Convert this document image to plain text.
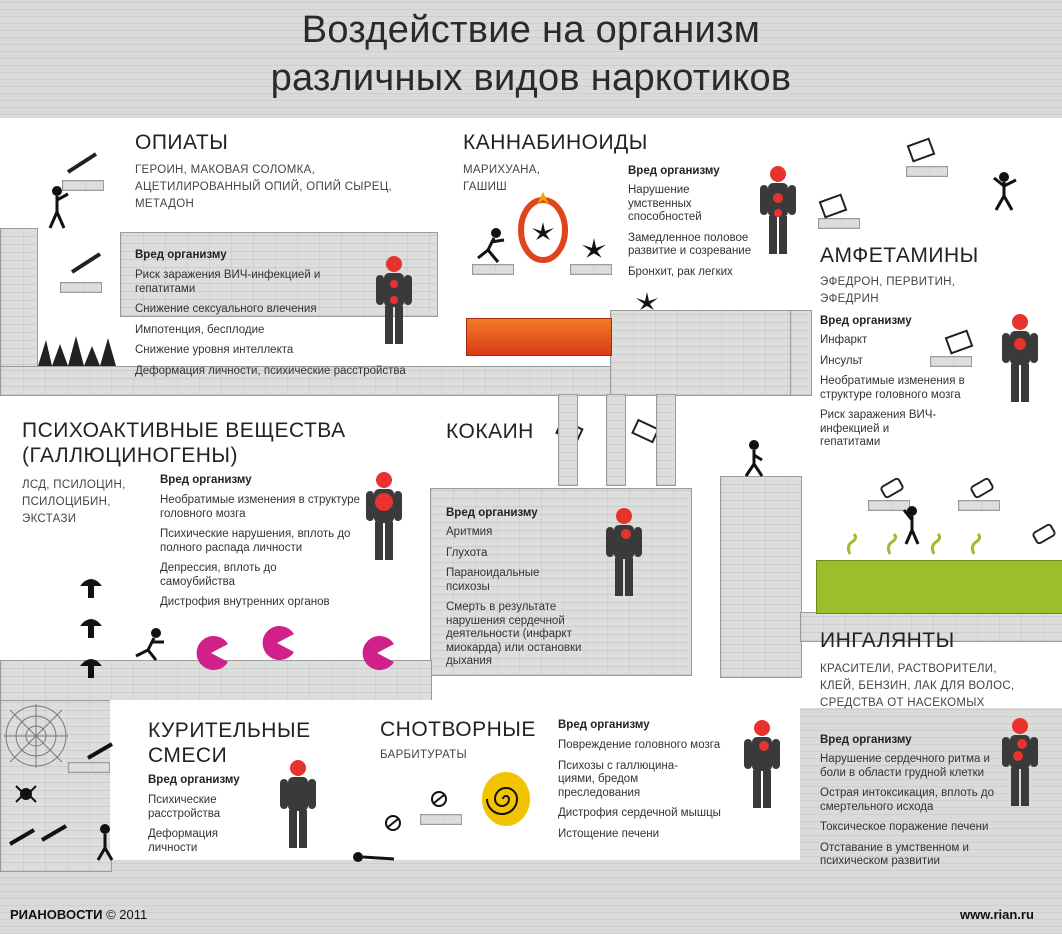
Воздействие на организм
различных видов наркотиков
ОПИАТЫ
ГЕРОИН, МАКОВАЯ СОЛОМКА, АЦЕТИЛИРОВАННЫЙ ОПИЙ, ОПИЙ СЫРЕЦ, МЕТАДОН
Вред организму
Риск заражения ВИЧ-инфекцией и гепатитами
Снижение сексуального влечения
Импотенция, бесплодие
Снижение уровня интеллекта
Деформация личности, психические расстройства
КАННАБИНОИДЫ
МАРИХУАНА, ГАШИШ
Вред организму
Нарушение умственных способностей
Замедленное половое развитие и созревание
Бронхит, рак легких
АМФЕТАМИНЫ
ЭФЕДРОН, ПЕРВИТИН, ЭФЕДРИН
Вред организму
Инфаркт
Инсульт
Необратимые изменения в структуре головного мозга
Риск заражения ВИЧ- инфекцией и гепатитами
ПСИХОАКТИВНЫЕ ВЕЩЕСТВА (ГАЛЛЮЦИНОГЕНЫ)
ЛСД, ПСИЛОЦИН, ПСИЛОЦИБИН, ЭКСТАЗИ
Вред организму
Необратимые изменения в структуре головного мозга
Психические нарушения, вплоть до полного распада личности
Депрессия, вплоть до самоубийства
Дистрофия внутренних органов
КОКАИН
Вред организму
Аритмия
Глухота
Параноидальные психозы
Смерть в результате нарушения сердечной деятельности (инфаркт миокарда) или остановки дыхания
ИНГАЛЯНТЫ
КРАСИТЕЛИ, РАСТВОРИТЕЛИ, КЛЕЙ, БЕНЗИН, ЛАК ДЛЯ ВОЛОС, СРЕДСТВА ОТ НАСЕКОМЫХ
Вред организму
Нарушение сердечного ритма и боли в области грудной клетки
Острая интоксикация, вплоть до смертельного исхода
Токсическое поражение печени
Отставание в умственном и психическом развитии
КУРИТЕЛЬНЫЕ СМЕСИ
Вред организму
Психические расстройства
Деформация личности
СНОТВОРНЫЕ
БАРБИТУРАТЫ
Вред организму
Повреждение головного мозга
Психозы с галлюцина- циями, бредом преследования
Дистрофия сердечной мышцы
Истощение печени
РИАНОВОСТИ © 2011	www.rian.ru
